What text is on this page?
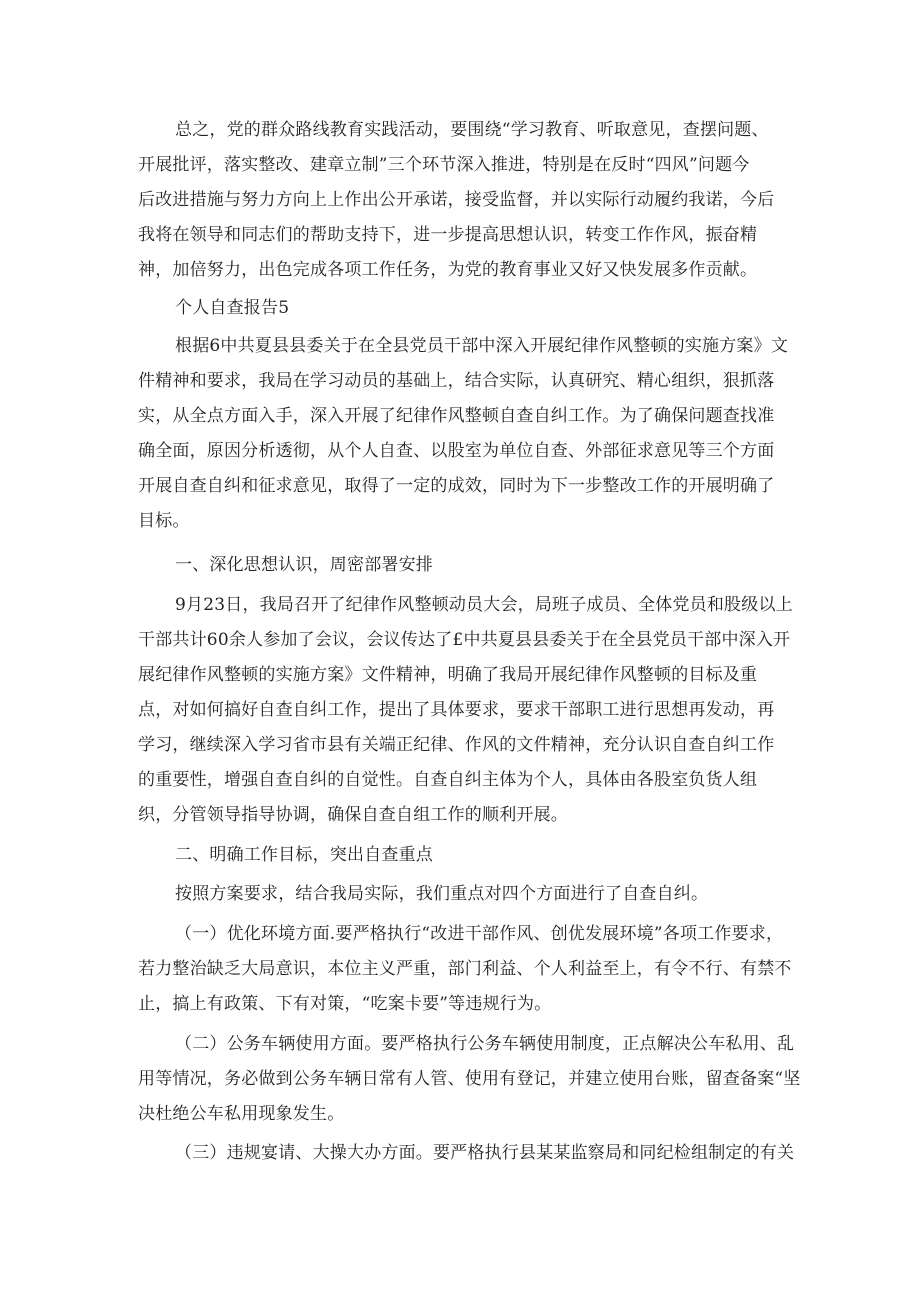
总之，党的群众路线教育实践活动，要围绕“学习教育、听取意见，查摆问题、
开展批评，落实整改、建章立制”三个环节深入推进，特别是在反时“四风”问题今
后改进措施与努力方向上上作出公开承诺，接受监督，并以实际行动履约我诺，今后
我将在领导和同志们的帮助支持下，进一步提高思想认识，转变工作作风，振奋精
神，加倍努力，出色完成各项工作任务，为党的教育事业又好又快发展多作贡献。
个人自查报告5
根据6中共夏县县委关于在全县党员干部中深入开展纪律作风整顿的实施方案》文
件精神和要求，我局在学习动员的基础上，结合实际，认真研究、精心组织，狠抓落
实，从全点方面入手，深入开展了纪律作风整顿自查自纠工作。为了确保问题查找准
确全面，原因分析透彻，从个人自查、以股室为单位自查、外部征求意见等三个方面
开展自查自纠和征求意见，取得了一定的成效，同时为下一步整改工作的开展明确了
目标。
一、深化思想认识，周密部署安排
9月23日，我局召开了纪律作风整顿动员大会，局班子成员、全体党员和股级以上
干部共计60余人参加了会议，会议传达了£中共夏县县委关于在全县党员干部中深入开
展纪律作风整顿的实施方案》文件精神，明确了我局开展纪律作风整顿的目标及重
点，对如何搞好自查自纠工作，提出了具体要求，要求干部职工进行思想再发动，再
学习，继续深入学习省市县有关端正纪律、作风的文件精神，充分认识自查自纠工作
的重要性，增强自查自纠的自觉性。自查自纠主体为个人，具体由各股室负货人组
织，分管领导指导协调，确保自查自组工作的顺利开展。
二、明确工作目标，突出自查重点
按照方案要求，结合我局实际，我们重点对四个方面进行了自查自纠。
（一）优化环境方面.要严格执行“改进干部作风、创优发展环境”各项工作要求，
若力整治缺乏大局意识，本位主义严重，部门利益、个人利益至上，有令不行、有禁不
止，搞上有政策、下有对策，“吃案卡要”等违规行为。
（二）公务车辆使用方面。要严格执行公务车辆使用制度，正点解决公车私用、乱
用等情况，务必做到公务车辆日常有人管、使用有登记，并建立使用台账，留查备案“坚
决杜绝公车私用现象发生。
（三）违规宴请、大操大办方面。要严格执行县某某监察局和同纪检组制定的有关
